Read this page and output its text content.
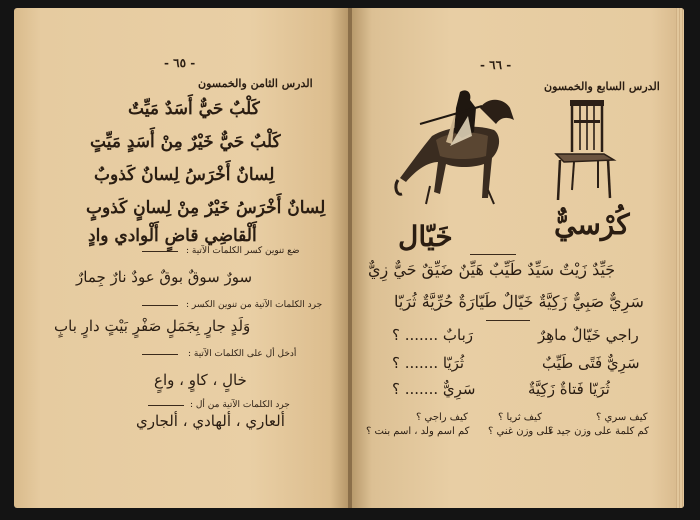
- ٦٥ -
الدرس الثامن والخمسون
كَلْبٌ حَيٌّ أَسَدٌ مَيِّتٌ
كَلْبٌ حَيٌّ خَيْرٌ مِنْ أَسَدٍ مَيِّتٍ
لِسانٌ أَخْرَسُ لِسانٌ كَذوبٌ
لِسانٌ أَخْرَسُ خَيْرٌ مِنْ لِسانٍ كَذوبٍ
أَلْقاضِي قاضٍ أَلْوادي وادٍ
ضع تنوين كسر الكلمات الآتية :
سورٌ سوقٌ بوقٌ عودٌ نارٌ جِمارٌ
جرد الكلمات الآتية من تنوين الكسر :
وَلَدٍ جارٍ بِجَمَلٍ صَفْرٍ بَيْتٍ دارٍ بابٍ
أدخل أل على الكلمات الآتية :
خالٍ ، كاوٍ ، واعٍ
جرد الكلمات الآتية من أل :
ألعاري ، ألهادي ، ألجاري
- ٦٦ -
الدرس السابع والخمسون
خَيّال	كُرْسيٌّ
جَيِّدٌ زَيْتٌ سَيِّدٌ طَيِّبٌ هَيِّنٌ ضَيِّقٌ حَيٌّ زِيٌّ
سَرِيٌّ صَبِيٌّ زَكِيَّةٌ خَيّالٌ طَيّارَةٌ حُرِّيَّةٌ ثُرَيّا
راجي خَيّالٌ ماهِرٌ
رَبابٌ ....... ؟
سَرِيٌّ فَتًى طَيِّبٌ
ثُرَيّا ....... ؟
ثُرَيّا فَتاةٌ زَكِيَّةٌ
سَرِيٌّ ....... ؟
كيف سري ؟
كيف ثريا ؟
كيف راجي ؟
كم كلمة على وزن جيد ؟
على وزن غني ؟
كم اسم ولد ، اسم بنت ؟
